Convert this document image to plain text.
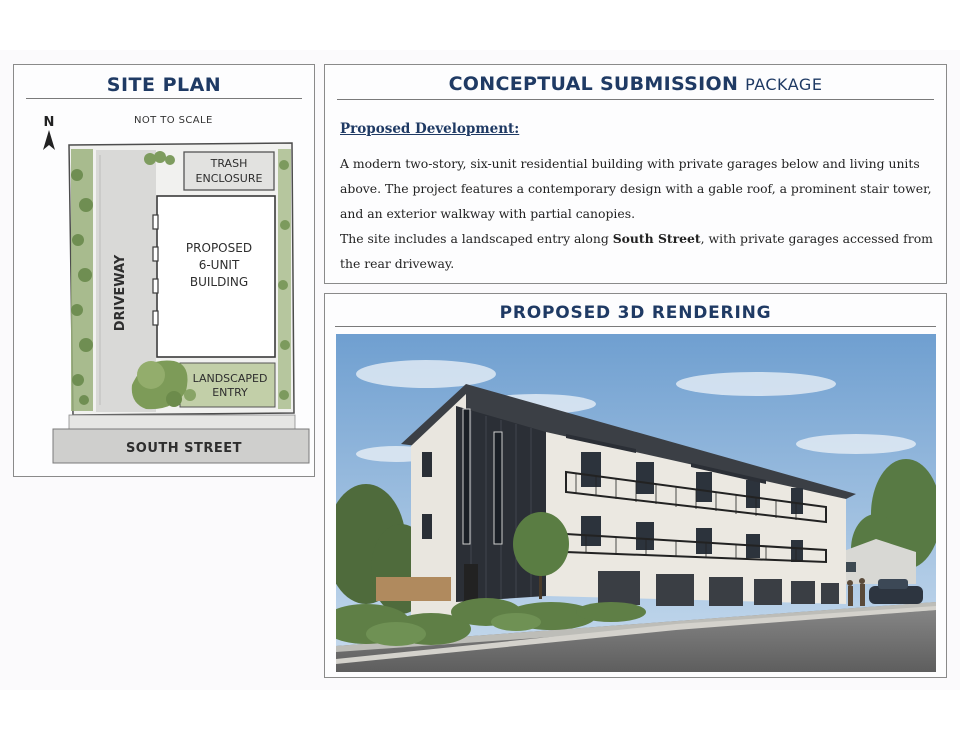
SITE PLAN
N	NOT TO SCALE
TRASH
ENCLOSURE
PROPOSED
6-UNIT
BUILDING
DRIVEWAY
LANDSCAPED
ENTRY
SOUTH STREET
CONCEPTUAL SUBMISSION PACKAGE
Proposed Development:

A modern two-story, six-unit residential building with private garages below and living units above. The project features a contemporary design with a gable roof, a prominent stair tower, and an exterior walkway with partial canopies.

The site includes a landscaped entry along South Street, with private garages accessed from the rear driveway.

PROPOSED 3D RENDERING
